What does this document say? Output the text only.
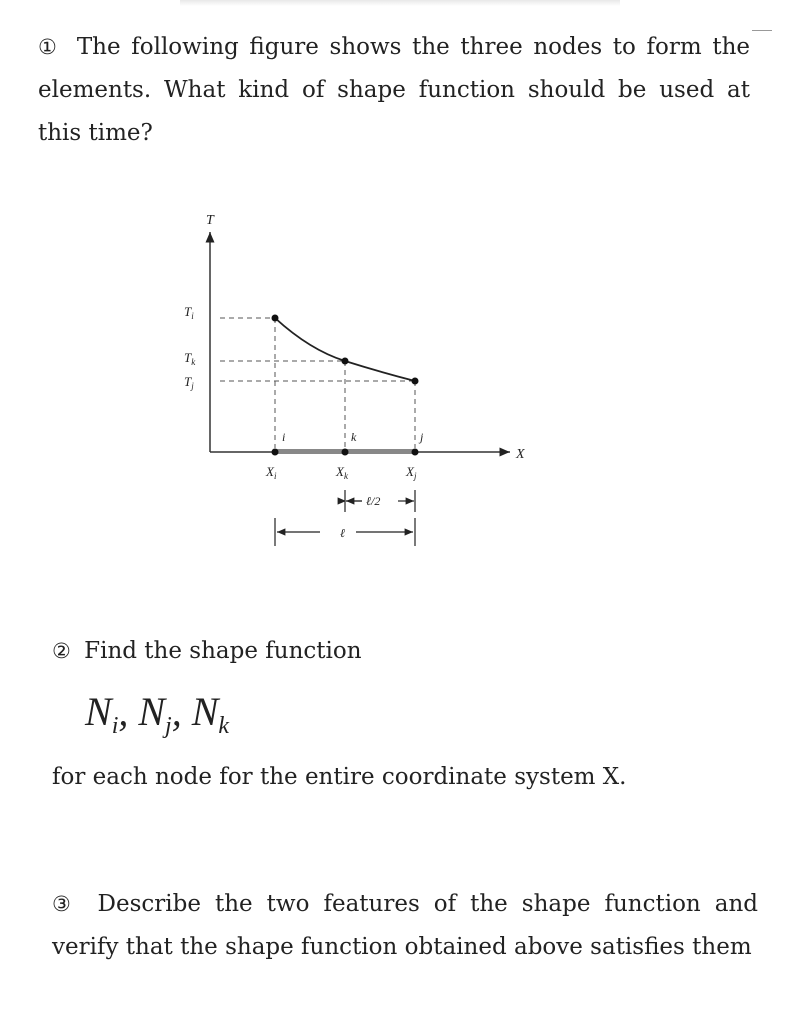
① The following figure shows the three nodes to form the elements. What kind of shape function should be used at this time?
T
X
$T_i$
$T_k$
$T_j$
i	k	j
$X_i$	$X_k$	$X_j$
ℓ/2
ℓ
② Find the shape function
$N_i$, $N_j$, $N_k$
for each node for the entire coordinate system X.
③ Describe the two features of the shape function and verify that the shape function obtained above satisfies them
